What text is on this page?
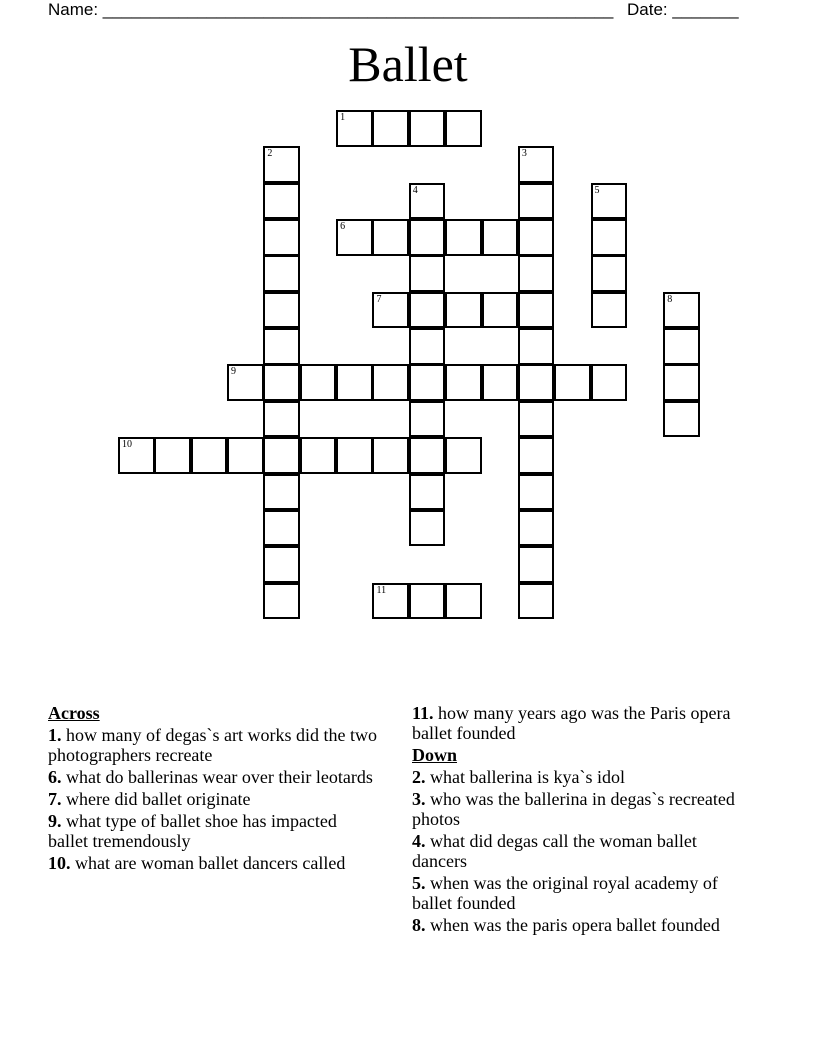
Name: ______________________________________________________ Date: _______
Ballet
1
2	3
4	5
6
7	8
9
10
11
Across
1. how many of degas`s art works did the two photographers recreate
6. what do ballerinas wear over their leotards
7. where did ballet originate
9. what type of ballet shoe has impacted ballet tremendously
10. what are woman ballet dancers called
11. how many years ago was the Paris opera ballet founded
Down
2. what ballerina is kya`s idol
3. who was the ballerina in degas`s recreated photos
4. what did degas call the woman ballet dancers
5. when was the original royal academy of ballet founded
8. when was the paris opera ballet founded
